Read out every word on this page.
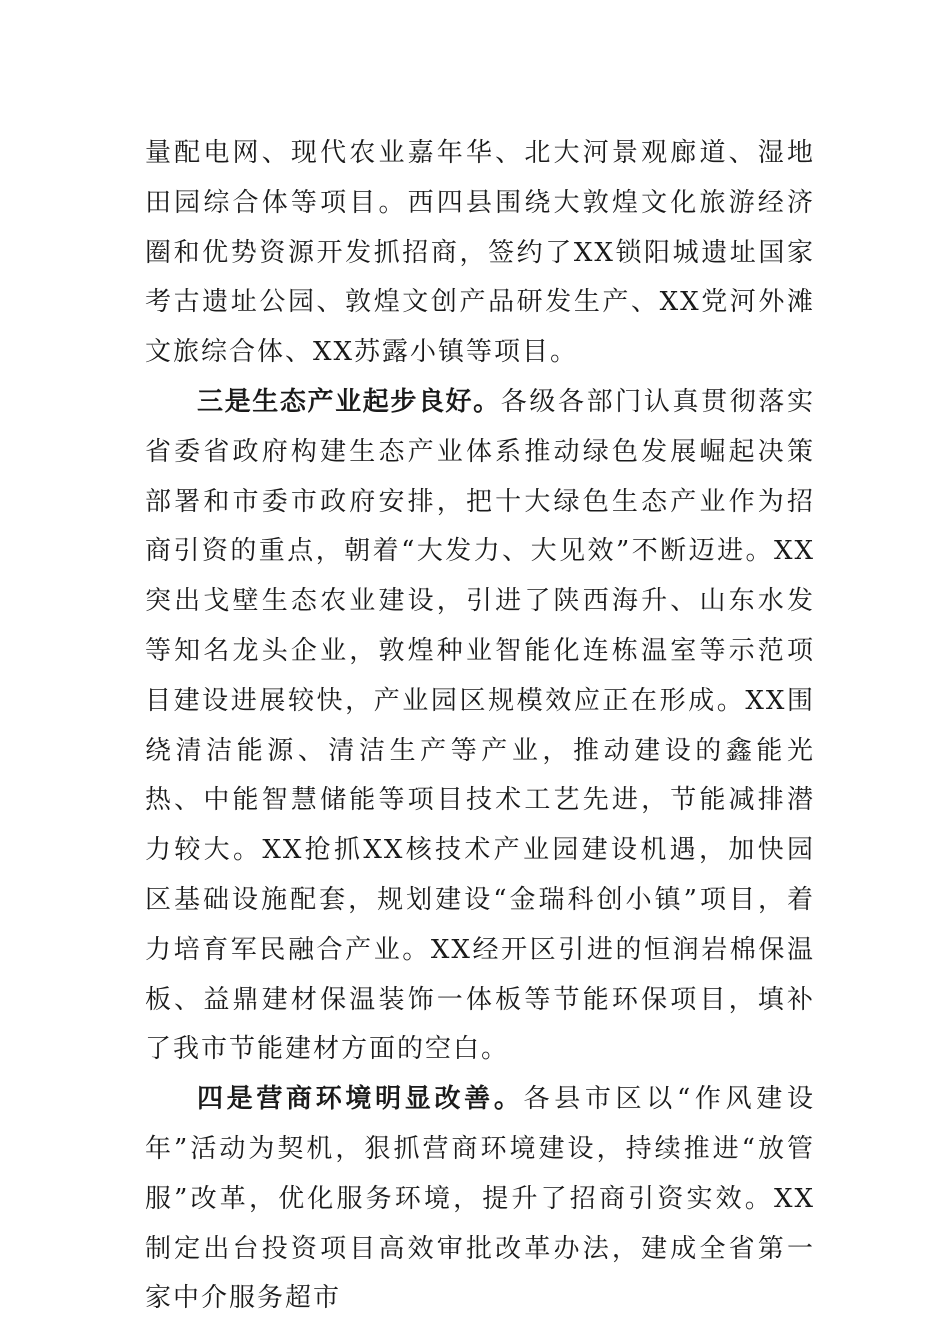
量配电网、现代农业嘉年华、北大河景观廊道、湿地田园综合体等项目。西四县围绕大敦煌文化旅游经济圈和优势资源开发抓招商，签约了XX锁阳城遗址国家考古遗址公园、敦煌文创产品研发生产、XX党河外滩文旅综合体、XX苏露小镇等项目。

三是生态产业起步良好。各级各部门认真贯彻落实省委省政府构建生态产业体系推动绿色发展崛起决策部署和市委市政府安排，把十大绿色生态产业作为招商引资的重点，朝着“大发力、大见效”不断迈进。XX突出戈壁生态农业建设，引进了陕西海升、山东水发等知名龙头企业，敦煌种业智能化连栋温室等示范项目建设进展较快，产业园区规模效应正在形成。XX围绕清洁能源、清洁生产等产业，推动建设的鑫能光热、中能智慧储能等项目技术工艺先进，节能减排潜力较大。XX抢抓XX核技术产业园建设机遇，加快园区基础设施配套，规划建设“金瑞科创小镇”项目，着力培育军民融合产业。XX经开区引进的恒润岩棉保温板、益鼎建材保温装饰一体板等节能环保项目，填补了我市节能建材方面的空白。

四是营商环境明显改善。各县市区以“作风建设年”活动为契机，狠抓营商环境建设，持续推进“放管服”改革，优化服务环境，提升了招商引资实效。XX制定出台投资项目高效审批改革办法，建成全省第一家中介服务超市
